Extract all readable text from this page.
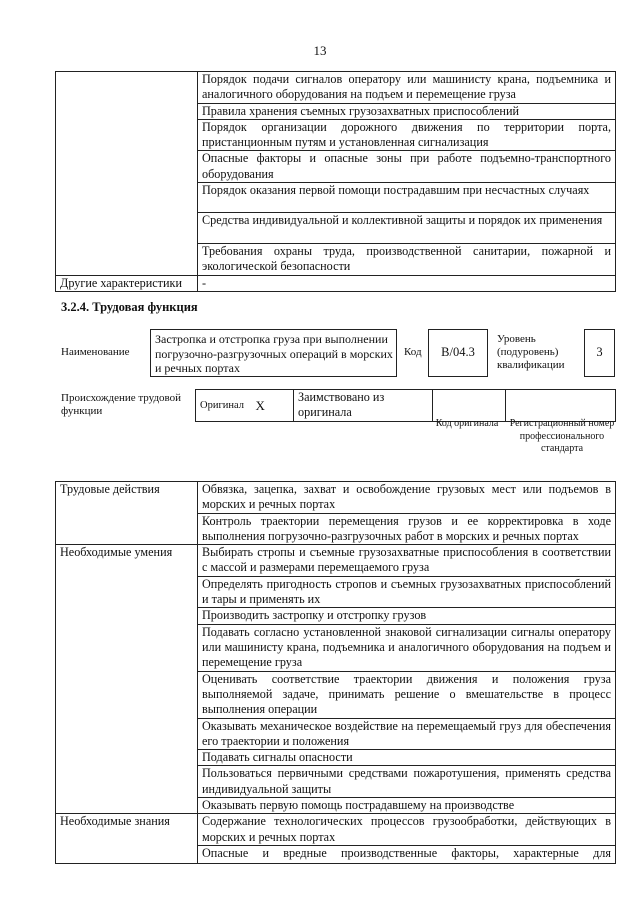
13
	Порядок подачи сигналов оператору или машинисту крана, подъемника и аналогичного оборудования на подъем и перемещение груза
	Правила хранения съемных грузозахватных приспособлений
	Порядок организации дорожного движения по территории порта, пристанционным путям и установленная сигнализация
	Опасные факторы и опасные зоны при работе подъемно-транспортного оборудования
	Порядок оказания первой помощи пострадавшим при несчастных случаях
	Средства индивидуальной и коллективной защиты и порядок их применения
	Требования охраны труда, производственной санитарии, пожарной и экологической безопасности
Другие характеристики	-
3.2.4. Трудовая функция
Наименование
Застропка и отстропка груза при выполнении погрузочно-разгрузочных операций в морских и речных портах
Код	В/04.3
Уровень (подуровень) квалификации
3
Происхождение трудовой функции	Оригинал	X	Заимствовано из оригинала		
Код оригинала	Регистрационный номер профессионального стандарта
Трудовые действия	Обвязка, зацепка, захват и освобождение грузовых мест или подъемов в морских и речных портах
	Контроль траектории перемещения грузов и ее корректировка в ходе выполнения погрузочно-разгрузочных работ в морских и речных портах
Необходимые умения	Выбирать стропы и съемные грузозахватные приспособления в соответствии с массой и размерами перемещаемого груза
	Определять пригодность стропов и съемных грузозахватных приспособлений и тары и применять их
	Производить застропку и отстропку грузов
	Подавать согласно установленной знаковой сигнализации сигналы оператору или машинисту крана, подъемника и аналогичного оборудования на подъем и перемещение груза
	Оценивать соответствие траектории движения и положения груза выполняемой задаче, принимать решение о вмешательстве в процесс выполнения операции
	Оказывать механическое воздействие на перемещаемый груз для обеспечения его траектории и положения
	Подавать сигналы опасности
	Пользоваться первичными средствами пожаротушения, применять средства индивидуальной защиты
	Оказывать первую помощь пострадавшему на производстве
Необходимые знания	Содержание технологических процессов грузообработки, действующих в морских и речных портах
	Опасные и вредные производственные факторы, характерные для
